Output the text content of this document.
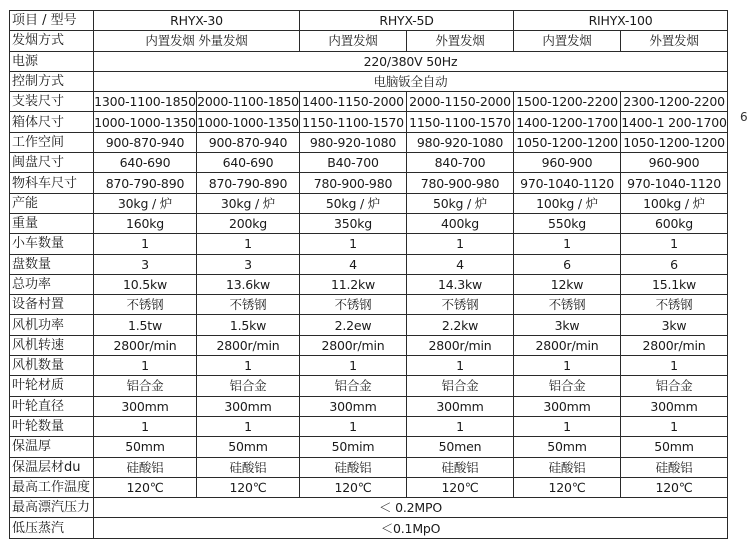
项目 / 型号	RHYX-30		RHYX-5D		RIHYX-100	
发烟方式	内置发烟 外量发烟		内置发烟	外置发烟	内置发烟	外置发烟
电源	220/380V 50Hz					
控制方式	电脑钣全自动					
支装尺寸	1300-1100-1850	2000-1100-1850	1400-1150-2000	2000-1150-2000	1500-1200-2200	2300-1200-2200
箱体尺寸	1000-1000-1350	1000-1000-1350	1150-1100-1570	1150-1100-1570	1400-1200-1700	1400-1 200-1700
工作空间	900-870-940	900-870-940	980-920-1080	980-920-1080	1050-1200-1200	1050-1200-1200
闽盘尺寸	640-690	640-690	B40-700	840-700	960-900	960-900
物科车尺寸	870-790-890	870-790-890	780-900-980	780-900-980	970-1040-1120	970-1040-1120
产能	30kg / 炉	30kg / 炉	50kg / 炉	50kg / 炉	100kg / 炉	100kg / 炉
重量	160kg	200kg	350kg	400kg	550kg	600kg
小车数量	1	1	1	1	1	1
盘数量	3	3	4	4	6	6
总功率	10.5kw	13.6kw	11.2kw	14.3kw	12kw	15.1kw
设备村置	不锈钢	不锈钢	不锈钢	不锈钢	不锈钢	不锈钢
风机功率	1.5tw	1.5kw	2.2ew	2.2kw	3kw	3kw
风机转速	2800r/min	2800r/min	2800r/min	2800r/min	2800r/min	2800r/min
风机数量	1	1	1	1	1	1
叶轮材质	铝合金	铝合金	铝合金	铝合金	铝合金	铝合金
叶轮直径	300mm	300mm	300mm	300mm	300mm	300mm
叶轮数量	1	1	1	1	1	1
保温厚	50mm	50mm	50mim	50men	50mm	50mm
保温层材du	硅酸铝	硅酸铝	硅酸铝	硅酸铝	硅酸铝	硅酸铝
最高工作温度	120℃	120℃	120℃	120℃	120℃	120℃
最高漂汽压力	＜ 0.2MPO					
低压蒸汽	＜0.1MpO					
6
